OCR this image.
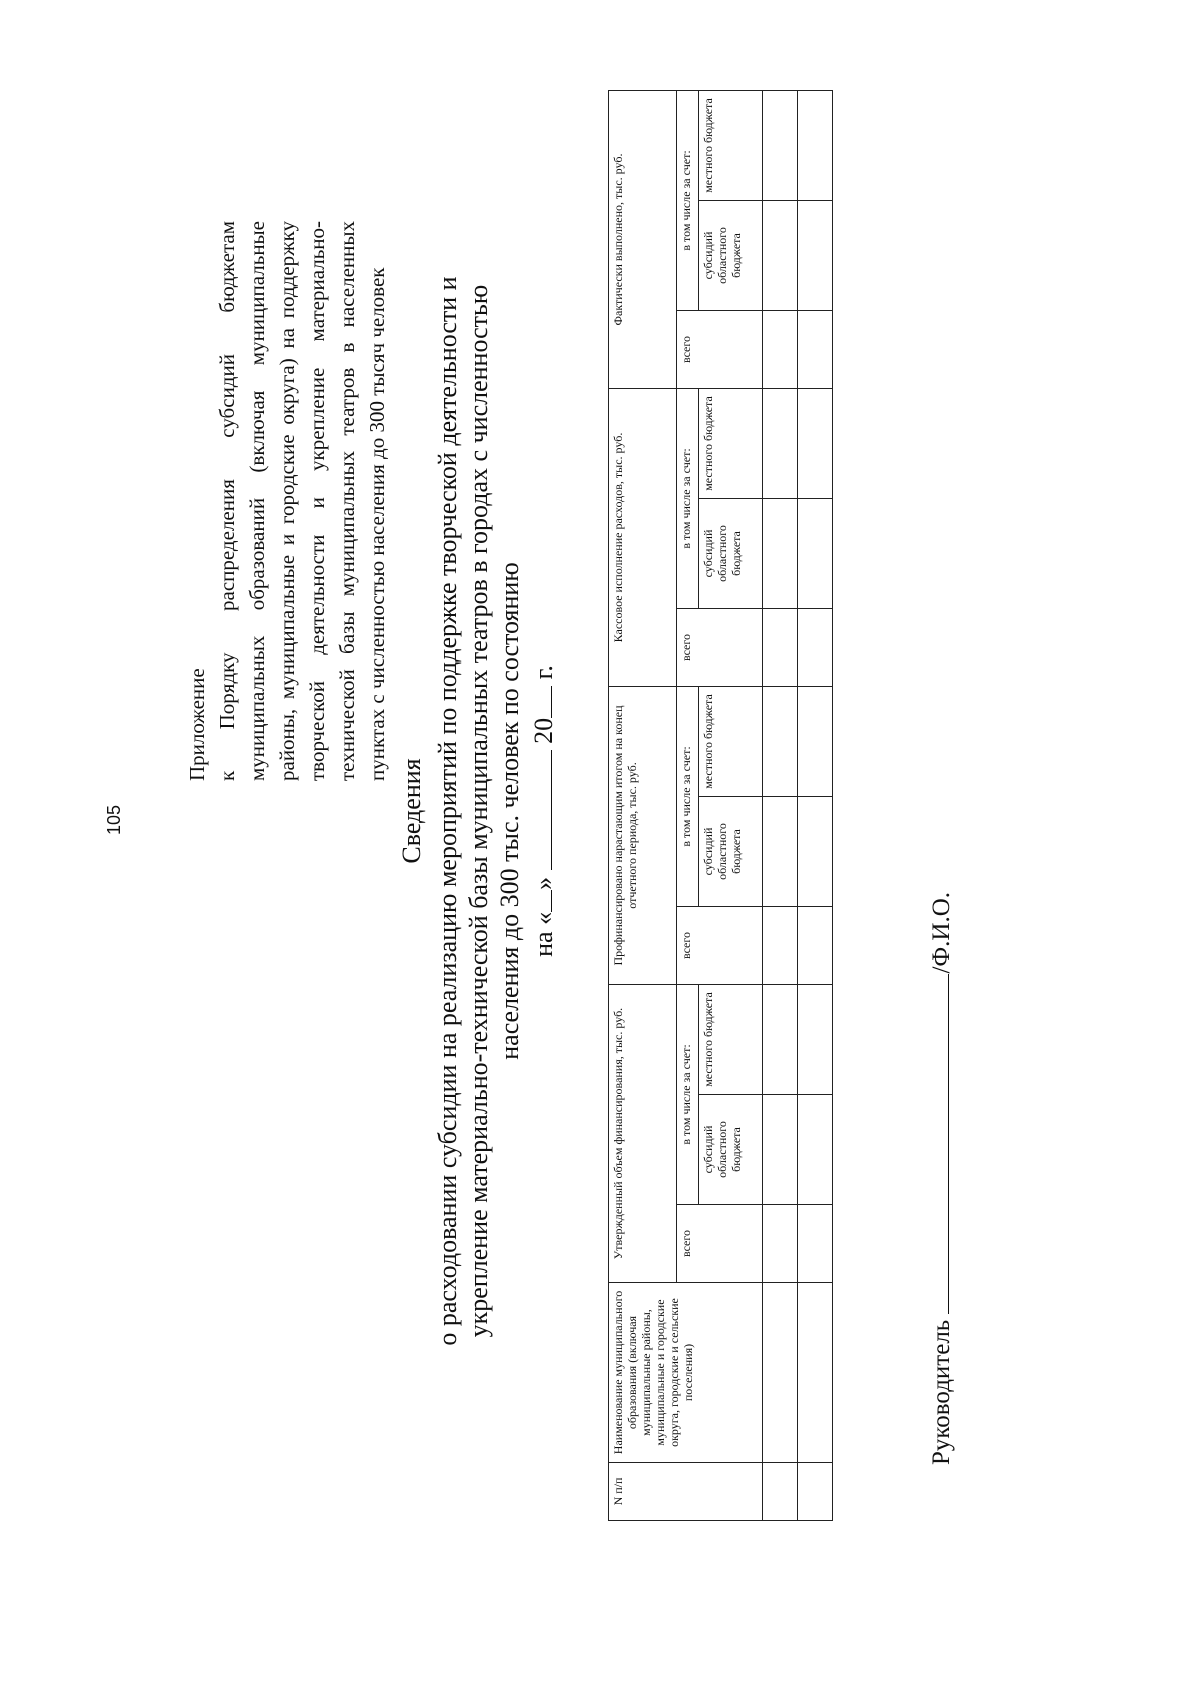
105
Приложение к Порядку распределения субсидий бюджетам муниципальных образований (включая муниципальные районы, муниципальные и городские округа) на поддержку творческой деятельности и укрепление материально-технической базы муниципальных театров в населенных пунктах с численностью населения до 300 тысяч человек
Сведения о расходовании субсидии на реализацию мероприятий по поддержке творческой деятельности и укрепление материально-технической базы муниципальных театров в городах с численностью населения до 300 тыс. человек по состоянию на «»  20 г.
N п/п	Наименование муниципального образования (включая муниципальные районы, муниципальные и городские округа, городские и сельские поселения)	Утвержденный объем финансирования, тыс. руб.			Профинансировано нарастающим итогом на конец отчетного периода, тыс. руб.			Кассовое исполнение расходов, тыс. руб.			Фактически выполнено, тыс. руб.		
		всего	в том числе за счет:		всего	в том числе за счет:		всего	в том числе за счет:		всего	в том числе за счет:	
			субсидий областного бюджета	местного бюджета		субсидий областного бюджета	местного бюджета		субсидий областного бюджета	местного бюджета		субсидий областного бюджета	местного бюджета

Руководитель /Ф.И.О.
